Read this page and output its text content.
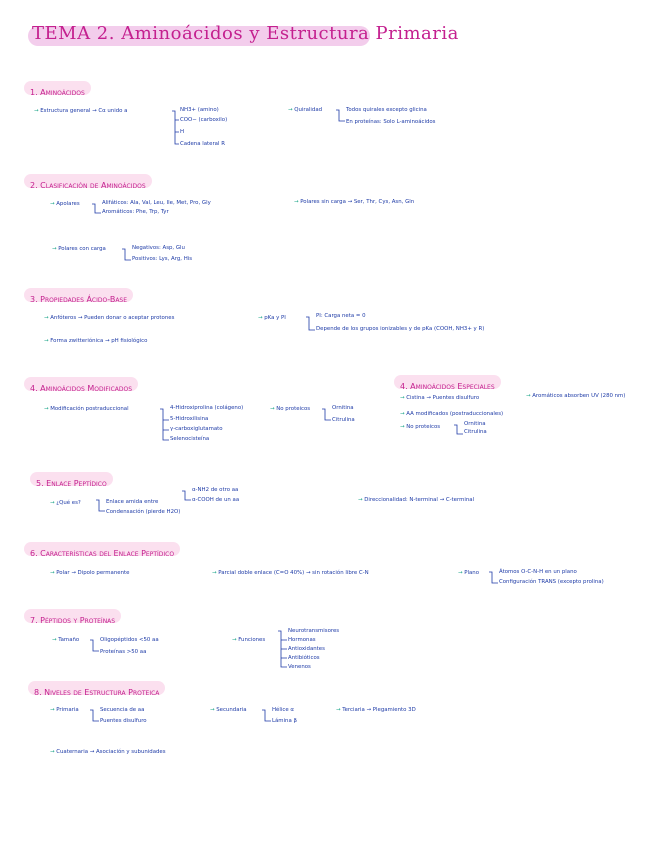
TEMA 2. Aminoácidos y Estructura Primaria
1. Aminoácidos
2. Clasificación de Aminoácidos
3. Propiedades Ácido-Base
4. Aminoácidos Modificados	4. Aminoácidos Especiales
5. Enlace Peptídico
6. Características del Enlace Peptídico
7. Péptidos y Proteínas
8. Niveles de Estructura Proteica
→ Estructura general → Cα unido a	NH3+ (amino)
COO− (carboxilo)
H
Cadena lateral R
→ Quiralidad	Todos quirales excepto glicina
En proteínas: Solo L-aminoácidos
→ Apolares	Alifáticos: Ala, Val, Leu, Ile, Met, Pro, Gly
Aromáticos: Phe, Trp, Tyr
→ Polares sin carga → Ser, Thr, Cys, Asn, Gln
→ Polares con carga	Negativos: Asp, Glu
Positivos: Lys, Arg, His
→ Anfóteros → Pueden donar o aceptar protones
→ Forma zwitteriónica → pH fisiológico
→ pKa y PI	PI: Carga neta = 0
Depende de los grupos ionizables y de pKa (COOH, NH3+ y R)
→ Modificación postraduccional	4-Hidroxiprolina (colágeno)
5-Hidroxilisina
γ-carboxiglutamato
Selenocisteína
→ No proteicos	Ornitina
Citrulina
→ Cistina → Puentes disulfuro	→ Aromáticos absorben UV (280 nm)
→ AA modificados (postraduccionales)
→ No proteicos	Ornitina
Citrulina
→ ¿Qué es?	Enlace amida entre
Condensación (pierde H2O)
α-NH2 de otro aa
α-COOH de un aa	→ Direccionalidad: N-terminal → C-terminal
→ Polar → Dipolo permanente	→ Parcial doble enlace (C=O 40%) → sin rotación libre C-N	→ Plano	Átomos O-C-N-H en un plano
Configuración TRANS (excepto prolina)
→ Tamaño	Oligopéptidos <50 aa
Proteínas >50 aa
→ Funciones
Neurotransmisores
Hormonas
Antioxidantes
Antibióticos
Venenos
→ Primaria	Secuencia de aa
Puentes disulfuro
→ Secundaria	Hélice α
Lámina β
→ Terciaria → Plegamiento 3D
→ Cuaternaria → Asociación y subunidades
